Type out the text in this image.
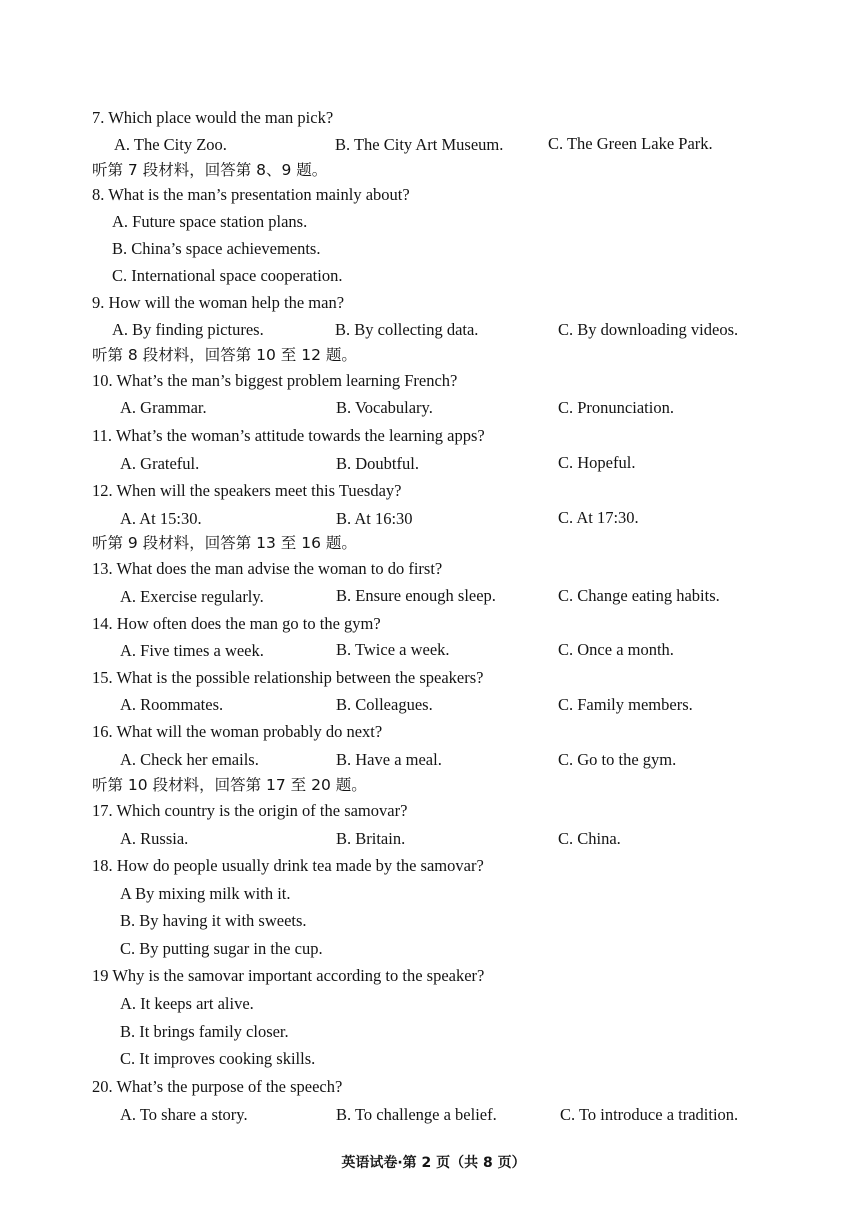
7. Which place would the man pick?
A. The City Zoo.	B. The City Art Museum.	C. The Green Lake Park.
听第 7 段材料，回答第 8、9 题。
8. What is the man’s presentation mainly about?
A. Future space station plans.
B. China’s space achievements.
C. International space cooperation.
9. How will the woman help the man?
A. By finding pictures.	B. By collecting data.	C. By downloading videos.
听第 8 段材料，回答第 10 至 12 题。
10. What’s the man’s biggest problem learning French?
A. Grammar.	B. Vocabulary.	C. Pronunciation.
11. What’s the woman’s attitude towards the learning apps?
A. Grateful.	B. Doubtful.	C. Hopeful.
12. When will the speakers meet this Tuesday?
A. At 15:30.	B. At 16:30	C. At 17:30.
听第 9 段材料，回答第 13 至 16 题。
13. What does the man advise the woman to do first?
A. Exercise regularly.	B. Ensure enough sleep.	C. Change eating habits.
14. How often does the man go to the gym?
A. Five times a week.	B. Twice a week.	C. Once a month.
15. What is the possible relationship between the speakers?
A. Roommates.	B. Colleagues.	C. Family members.
16. What will the woman probably do next?
A. Check her emails.	B. Have a meal.	C. Go to the gym.
听第 10 段材料，回答第 17 至 20 题。
17. Which country is the origin of the samovar?
A. Russia.	B. Britain.	C. China.
18. How do people usually drink tea made by the samovar?
A By mixing milk with it.
B. By having it with sweets.
C. By putting sugar in the cup.
19 Why is the samovar important according to the speaker?
A. It keeps art alive.
B. It brings family closer.
C. It improves cooking skills.
20. What’s the purpose of the speech?
A. To share a story.	B. To challenge a belief.	C. To introduce a tradition.
英语试卷·第 2 页（共 8 页）
